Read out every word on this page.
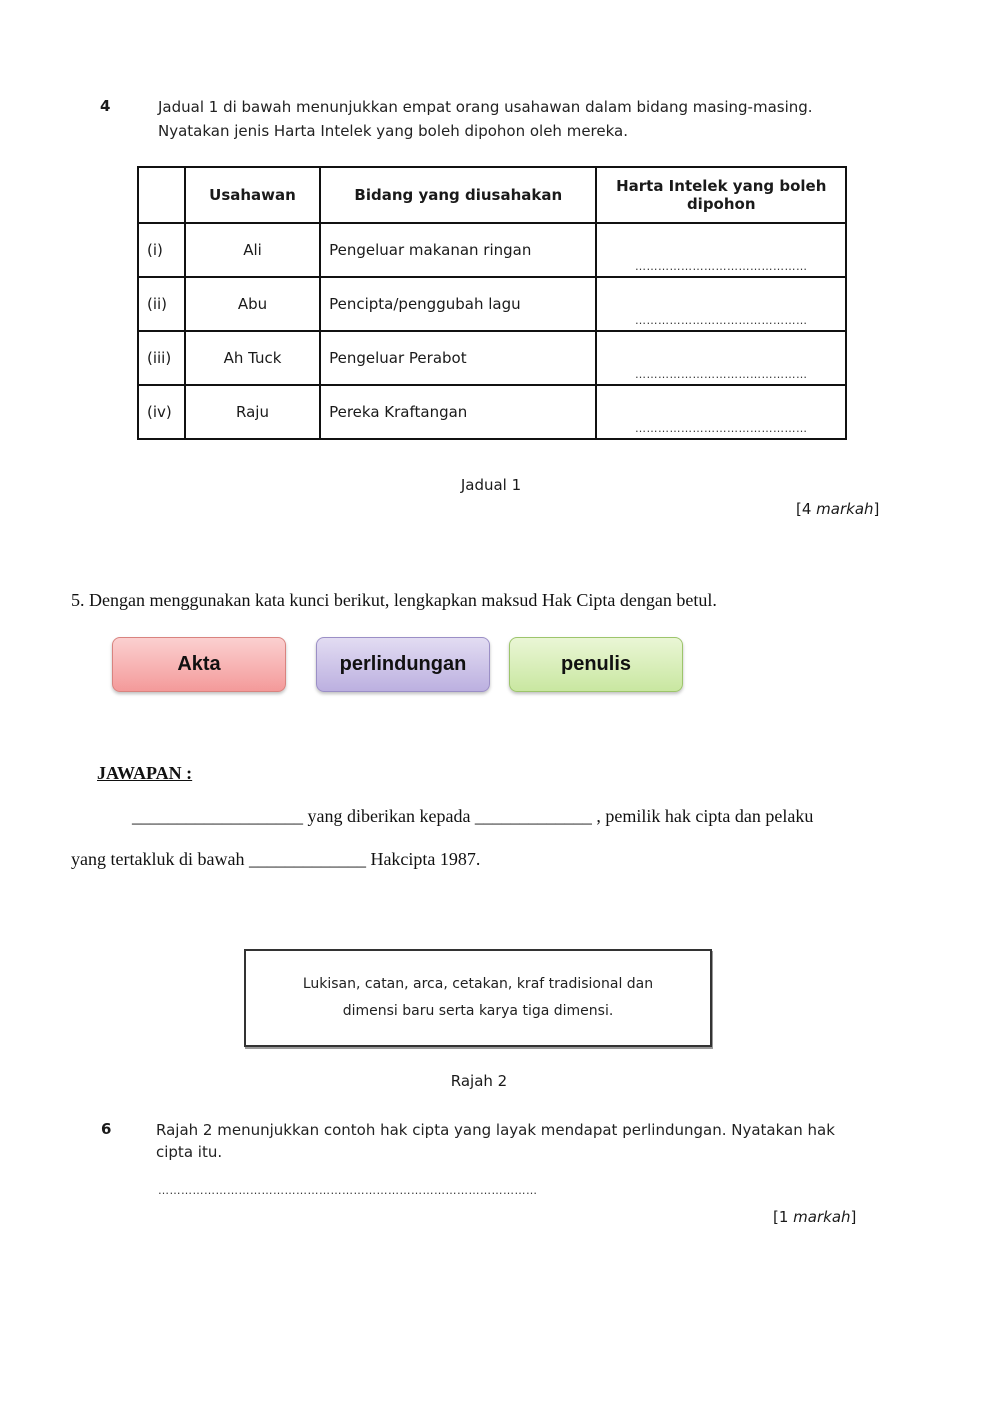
4	Jadual 1 di bawah menunjukkan empat orang usahawan dalam bidang masing-masing.
Nyatakan jenis Harta Intelek yang boleh dipohon oleh mereka.
	Usahawan	Bidang yang diusahakan	Harta Intelek yang boleh dipohon
(i)	Ali	Pengeluar makanan ringan	………………………………………
(ii)	Abu	Pencipta/penggubah lagu	………………………………………
(iii)	Ah Tuck	Pengeluar Perabot	………………………………………
(iv)	Raju	Pereka Kraftangan	………………………………………
Jadual 1
[4 markah]
5. Dengan menggunakan kata kunci berikut, lengkapkan maksud Hak Cipta dengan betul.
Akta	perlindungan	penulis
JAWAPAN :
___________________ yang diberikan kepada _____________ , pemilik hak cipta dan pelaku
yang tertakluk di bawah _____________ Hakcipta 1987.
Lukisan, catan, arca, cetakan, kraf tradisional dan
dimensi baru serta karya tiga dimensi.
Rajah 2
6	Rajah 2 menunjukkan contoh hak cipta yang layak mendapat perlindungan. Nyatakan hak
cipta itu.
………………………………………………………………………………………
[1 markah]
